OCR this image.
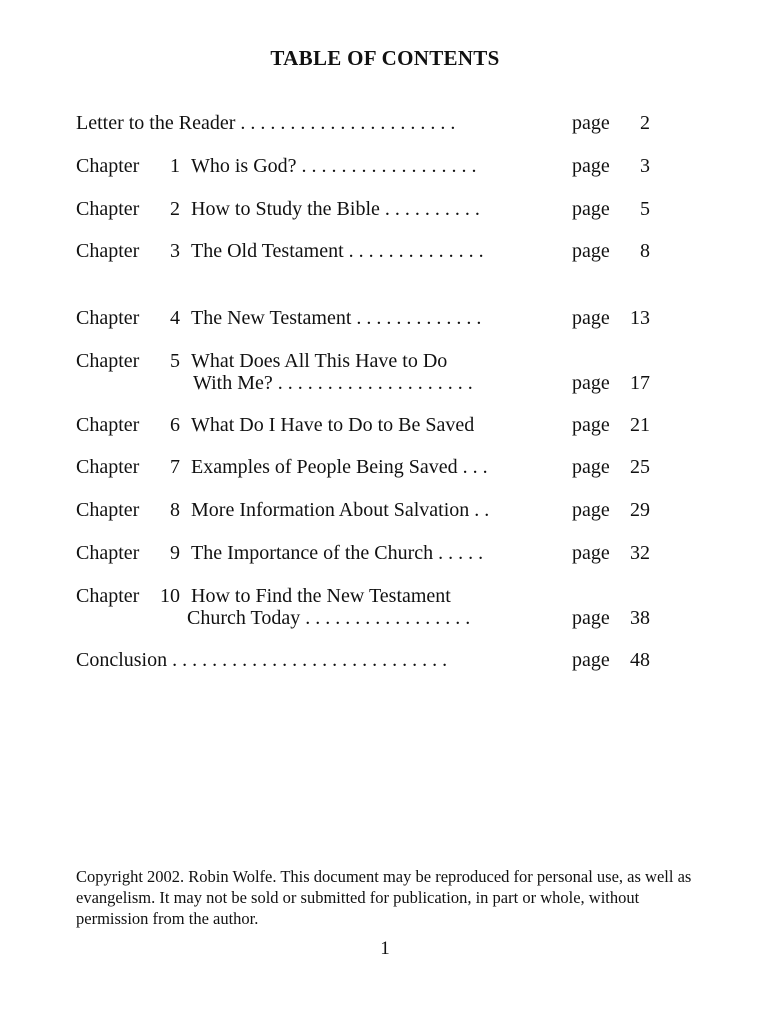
TABLE OF CONTENTS
Letter to the Reader . . . . . . . . . . . . . . . . . . . . . .	page	2
Chapter 1 Who is God? . . . . . . . . . . . . . . . . . .	page	3
Chapter 2 How to Study the Bible . . . . . . . . . .	page	5
Chapter 3 The Old Testament . . . . . . . . . . . . . .	page	8
Chapter 4 The New Testament . . . . . . . . . . . . .	page	13
Chapter 5 What Does All This Have to Do
With Me? . . . . . . . . . . . . . . . . . . . .	page	17
Chapter 6 What Do I Have to Do to Be Saved	page	21
Chapter 7 Examples of People Being Saved . . .	page	25
Chapter 8 More Information About Salvation . .	page	29
Chapter 9 The Importance of the Church . . . . .	page	32
Chapter 10 How to Find the New Testament
Church Today . . . . . . . . . . . . . . . . .	page	38
Conclusion . . . . . . . . . . . . . . . . . . . . . . . . . . . .	page	48
Copyright 2002. Robin Wolfe. This document may be reproduced for personal use, as well as evangelism. It may not be sold or submitted for publication, in part or whole, without permission from the author.
1
